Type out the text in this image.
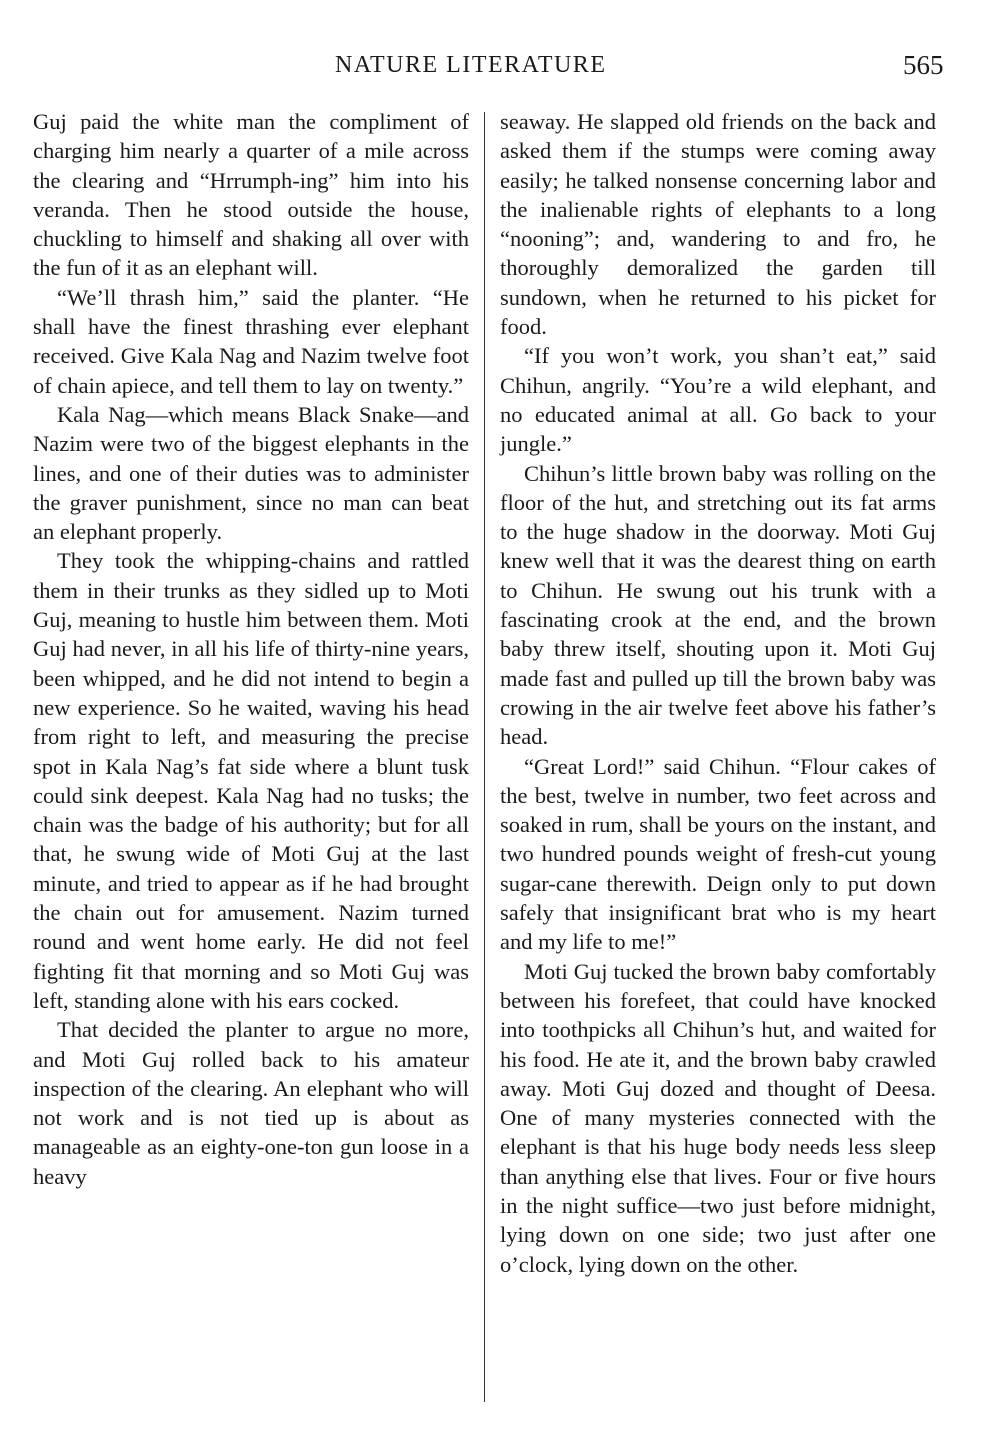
NATURE LITERATURE	565

Guj paid the white man the compliment of charging him nearly a quarter of a mile across the clearing and “Hrrumph-ing” him into his veranda. Then he stood outside the house, chuckling to himself and shaking all over with the fun of it as an elephant will.

“We’ll thrash him,” said the planter. “He shall have the finest thrashing ever elephant received. Give Kala Nag and Nazim twelve foot of chain apiece, and tell them to lay on twenty.”

Kala Nag—which means Black Snake—and Nazim were two of the biggest elephants in the lines, and one of their duties was to administer the graver punishment, since no man can beat an elephant properly.

They took the whipping-chains and rattled them in their trunks as they sidled up to Moti Guj, meaning to hustle him between them. Moti Guj had never, in all his life of thirty-nine years, been whipped, and he did not intend to begin a new experience. So he waited, waving his head from right to left, and measuring the precise spot in Kala Nag’s fat side where a blunt tusk could sink deepest. Kala Nag had no tusks; the chain was the badge of his authority; but for all that, he swung wide of Moti Guj at the last minute, and tried to appear as if he had brought the chain out for amusement. Nazim turned round and went home early. He did not feel fighting fit that morning and so Moti Guj was left, standing alone with his ears cocked.

That decided the planter to argue no more, and Moti Guj rolled back to his amateur inspection of the clearing. An elephant who will not work and is not tied up is about as manageable as an eighty-one-ton gun loose in a heavy

seaway. He slapped old friends on the back and asked them if the stumps were coming away easily; he talked nonsense concerning labor and the inalienable rights of elephants to a long “nooning”; and, wandering to and fro, he thoroughly demoralized the garden till sundown, when he returned to his picket for food.

“If you won’t work, you shan’t eat,” said Chihun, angrily. “You’re a wild elephant, and no educated animal at all. Go back to your jungle.”

Chihun’s little brown baby was rolling on the floor of the hut, and stretching out its fat arms to the huge shadow in the doorway. Moti Guj knew well that it was the dearest thing on earth to Chihun. He swung out his trunk with a fascinating crook at the end, and the brown baby threw itself, shouting upon it. Moti Guj made fast and pulled up till the brown baby was crowing in the air twelve feet above his father’s head.

“Great Lord!” said Chihun. “Flour cakes of the best, twelve in number, two feet across and soaked in rum, shall be yours on the instant, and two hundred pounds weight of fresh-cut young sugar-cane therewith. Deign only to put down safely that insignificant brat who is my heart and my life to me!”

Moti Guj tucked the brown baby comfortably between his forefeet, that could have knocked into toothpicks all Chihun’s hut, and waited for his food. He ate it, and the brown baby crawled away. Moti Guj dozed and thought of Deesa. One of many mysteries connected with the elephant is that his huge body needs less sleep than anything else that lives. Four or five hours in the night suffice—two just before midnight, lying down on one side; two just after one o’clock, lying down on the other.
